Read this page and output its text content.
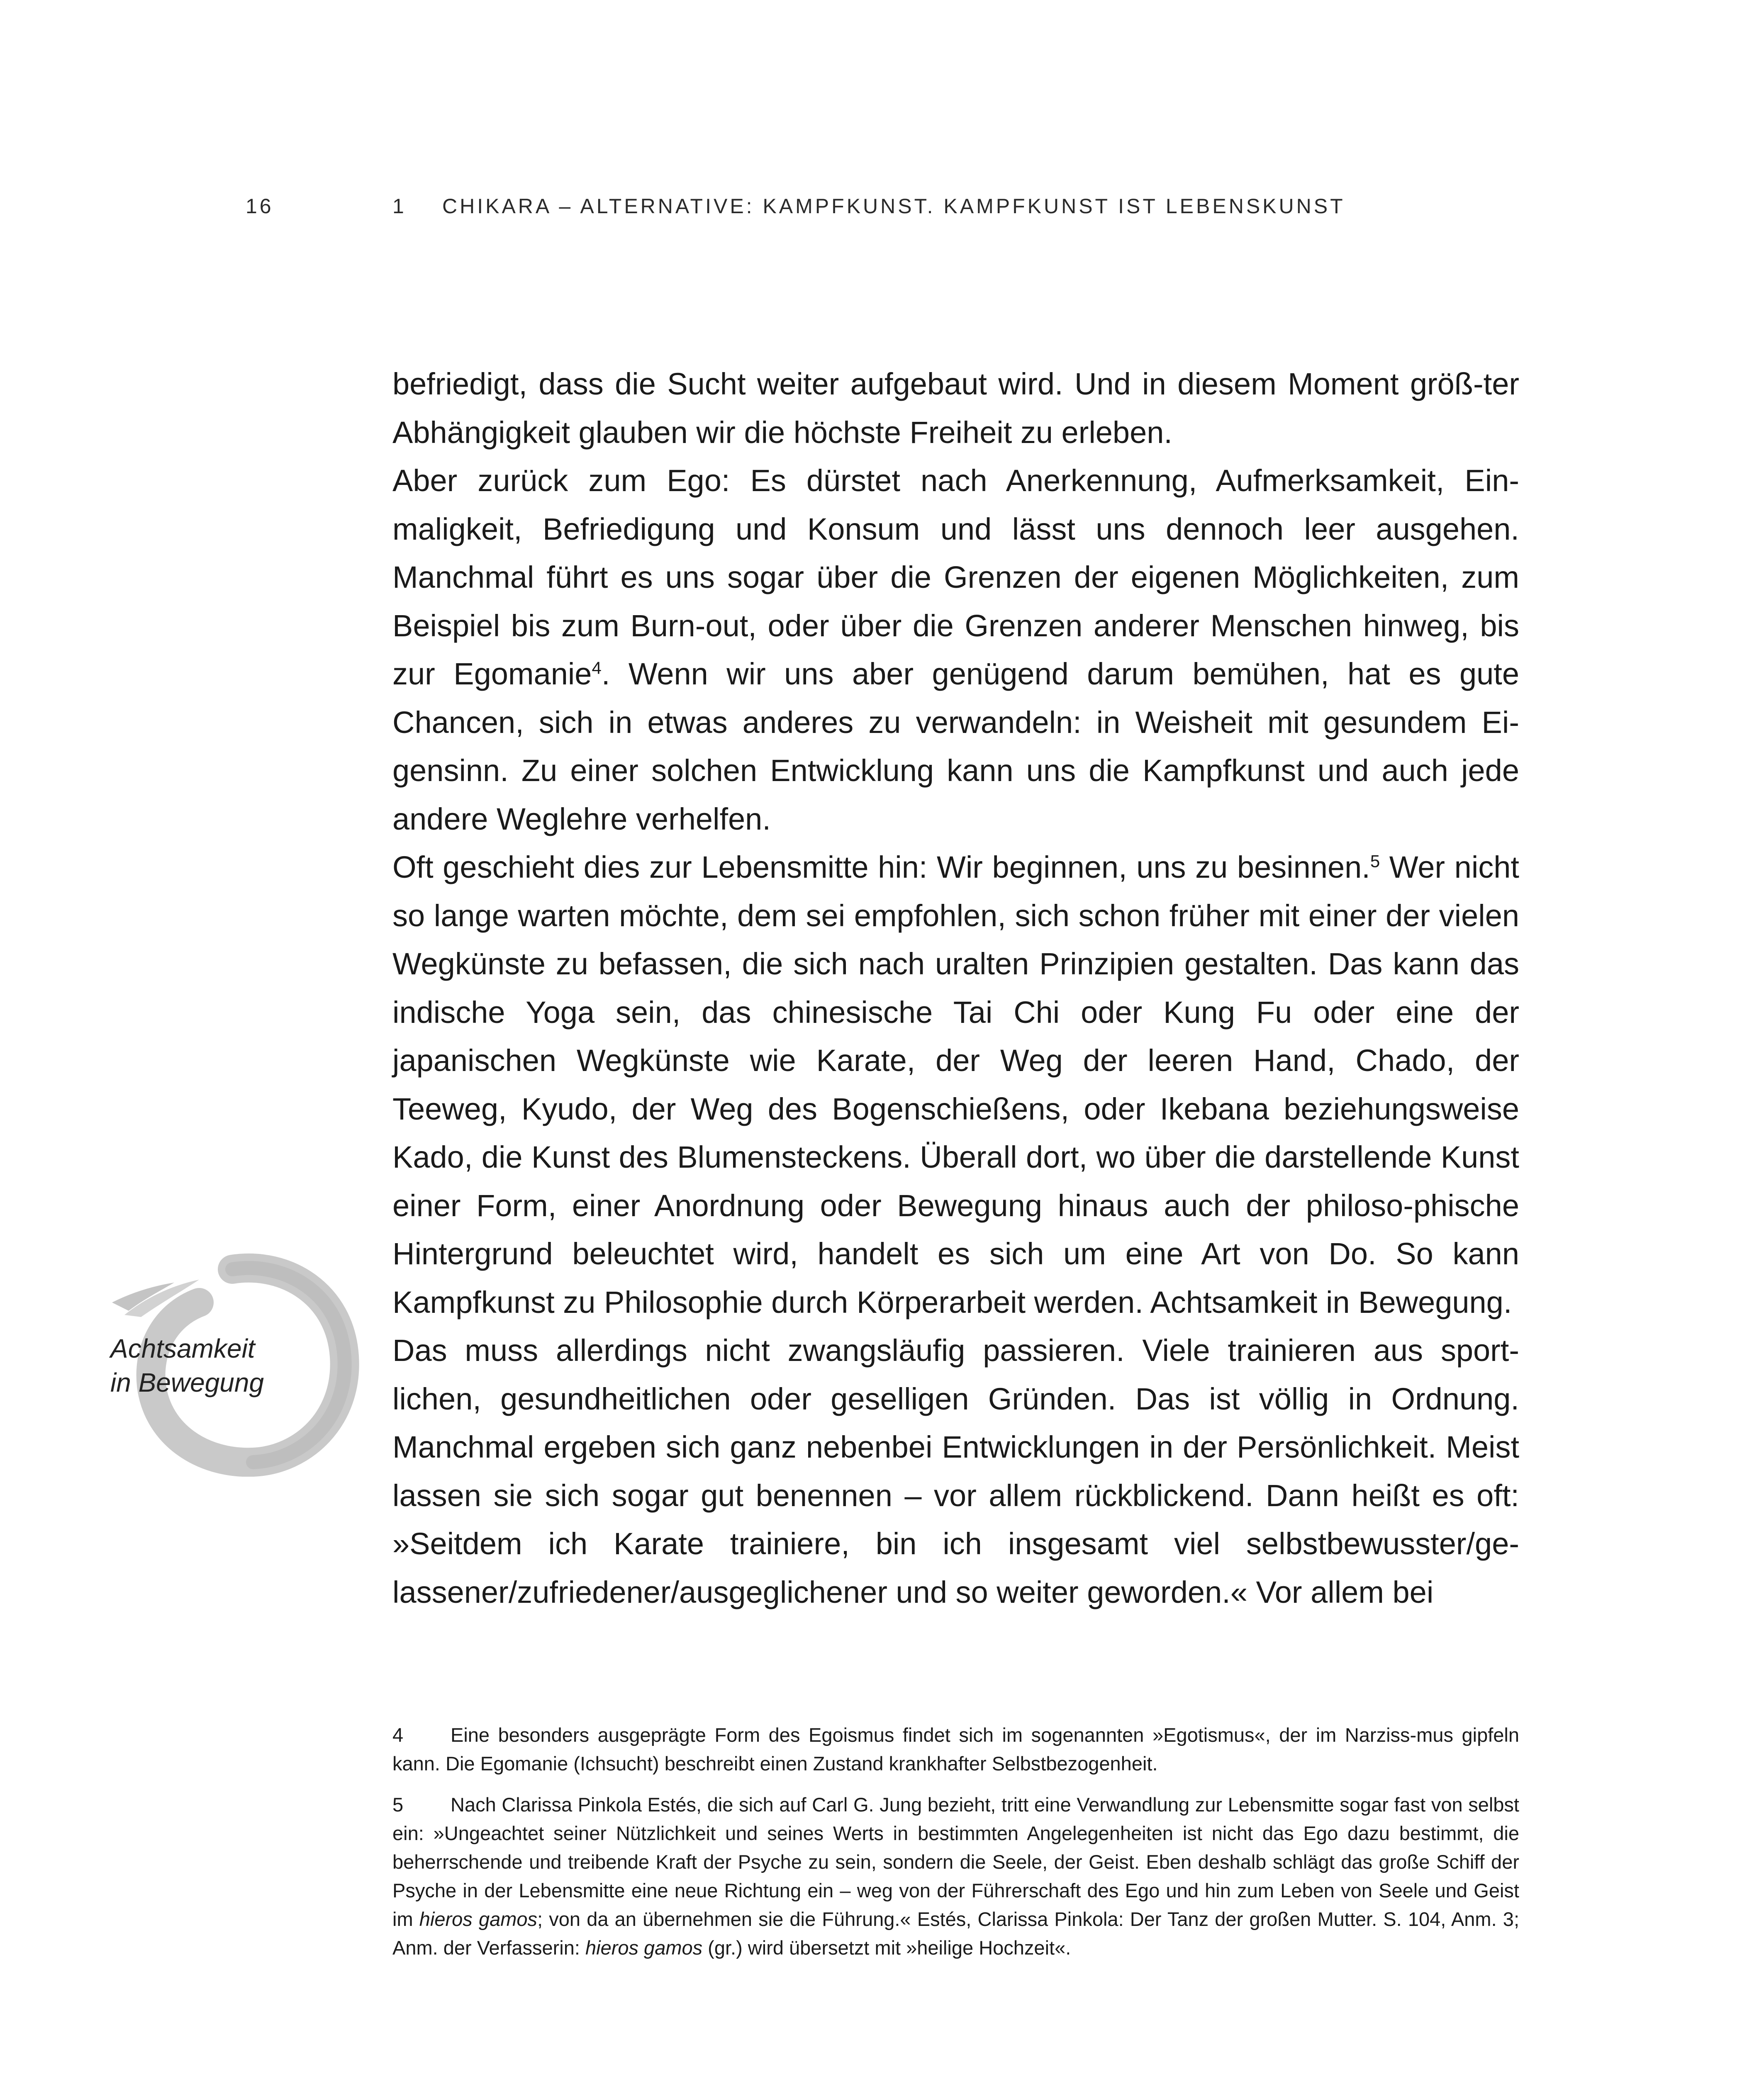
16	1 CHIKARA – ALTERNATIVE: KAMPFKUNST. KAMPFKUNST IST LEBENSKUNST
Achtsamkeit
in Bewegung

befriedigt, dass die Sucht weiter aufgebaut wird. Und in diesem Moment größ-ter Abhängigkeit glauben wir die höchste Freiheit zu erleben.

Aber zurück zum Ego: Es dürstet nach Anerkennung, Aufmerksamkeit, Ein-maligkeit, Befriedigung und Konsum und lässt uns dennoch leer ausgehen. Manchmal führt es uns sogar über die Grenzen der eigenen Möglichkeiten, zum Beispiel bis zum Burn-out, oder über die Grenzen anderer Menschen hinweg, bis zur Egomanie$^4$. Wenn wir uns aber genügend darum bemühen, hat es gute Chancen, sich in etwas anderes zu verwandeln: in Weisheit mit gesundem Ei-gensinn. Zu einer solchen Entwicklung kann uns die Kampfkunst und auch jede andere Weglehre verhelfen.

Oft geschieht dies zur Lebensmitte hin: Wir beginnen, uns zu besinnen.$^5$ Wer nicht so lange warten möchte, dem sei empfohlen, sich schon früher mit einer der vielen Wegkünste zu befassen, die sich nach uralten Prinzipien gestalten. Das kann das indische Yoga sein, das chinesische Tai Chi oder Kung Fu oder eine der japanischen Wegkünste wie Karate, der Weg der leeren Hand, Chado, der Teeweg, Kyudo, der Weg des Bogenschießens, oder Ikebana beziehungsweise Kado, die Kunst des Blumensteckens. Überall dort, wo über die darstellende Kunst einer Form, einer Anordnung oder Bewegung hinaus auch der philoso-phische Hintergrund beleuchtet wird, handelt es sich um eine Art von Do. So kann Kampfkunst zu Philosophie durch Körperarbeit werden. Achtsamkeit in Bewegung.

Das muss allerdings nicht zwangsläufig passieren. Viele trainieren aus sport-lichen, gesundheitlichen oder geselligen Gründen. Das ist völlig in Ordnung. Manchmal ergeben sich ganz nebenbei Entwicklungen in der Persönlichkeit. Meist lassen sie sich sogar gut benennen – vor allem rückblickend. Dann heißt es oft: »Seitdem ich Karate trainiere, bin ich insgesamt viel selbstbewusster/ge-lassener/zufriedener/ausgeglichener und so weiter geworden.« Vor allem bei

4 Eine besonders ausgeprägte Form des Egoismus findet sich im sogenannten »Egotismus«, der im Narziss-mus gipfeln kann. Die Egomanie (Ichsucht) beschreibt einen Zustand krankhafter Selbstbezogenheit.

5 Nach Clarissa Pinkola Estés, die sich auf Carl G. Jung bezieht, tritt eine Verwandlung zur Lebensmitte sogar fast von selbst ein: »Ungeachtet seiner Nützlichkeit und seines Werts in bestimmten Angelegenheiten ist nicht das Ego dazu bestimmt, die beherrschende und treibende Kraft der Psyche zu sein, sondern die Seele, der Geist. Eben deshalb schlägt das große Schiff der Psyche in der Lebensmitte eine neue Richtung ein – weg von der Führerschaft des Ego und hin zum Leben von Seele und Geist im hieros gamos; von da an übernehmen sie die Führung.« Estés, Clarissa Pinkola: Der Tanz der großen Mutter. S. 104, Anm. 3; Anm. der Verfasserin: hieros gamos (gr.) wird übersetzt mit »heilige Hochzeit«.
